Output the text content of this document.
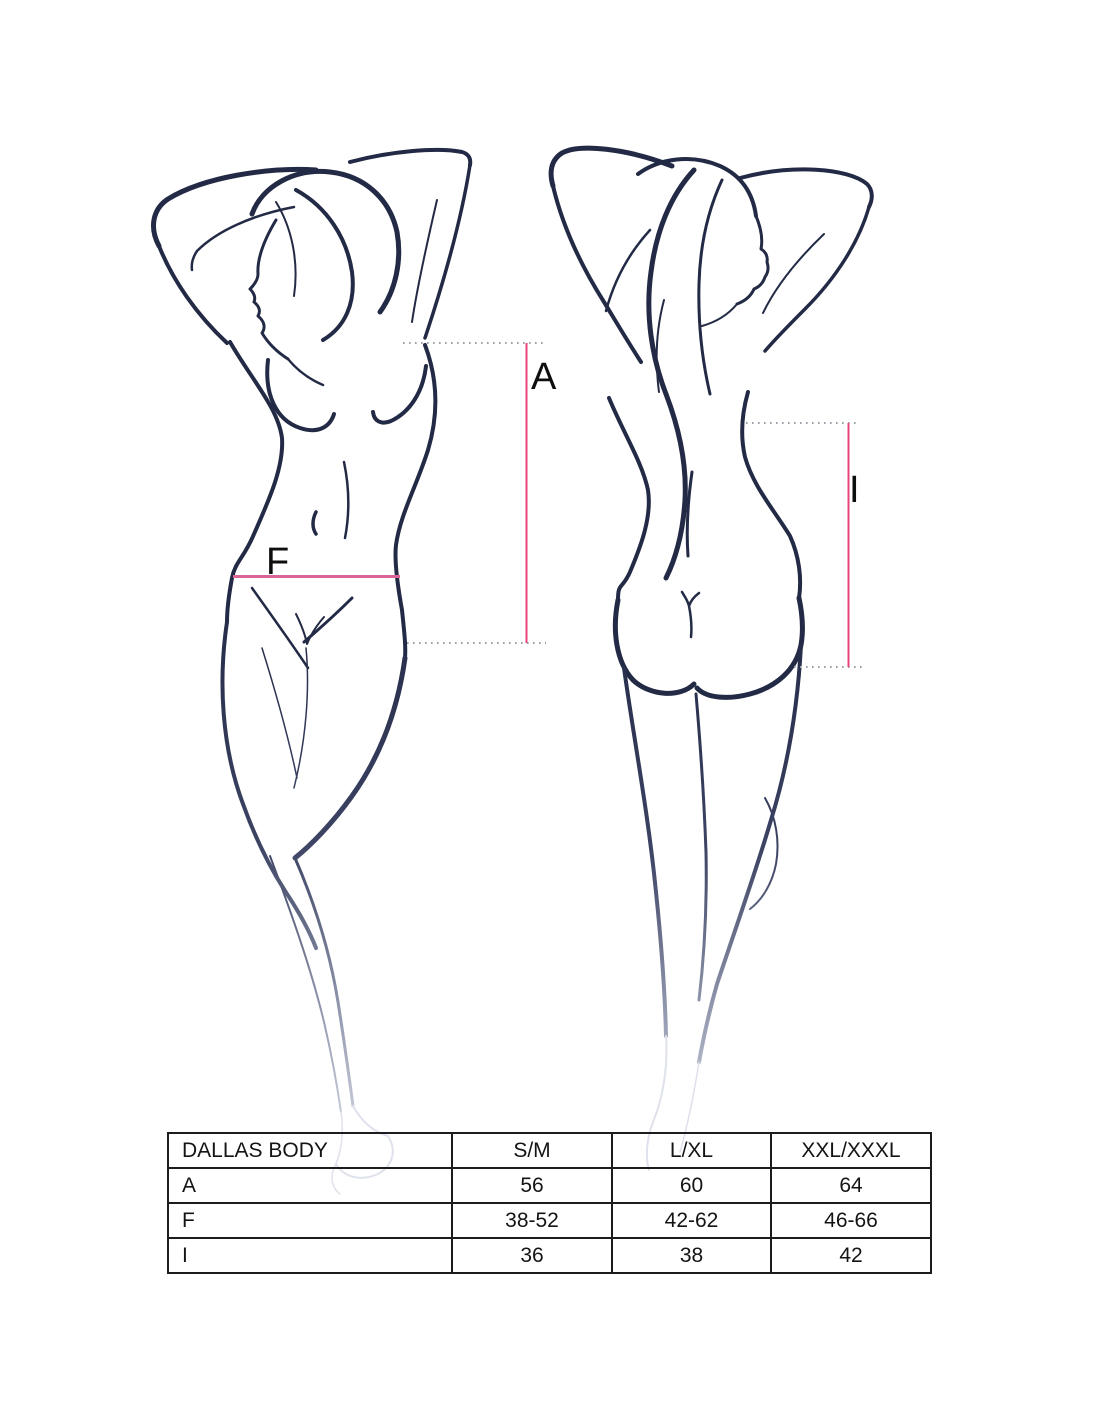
A
F
I
DALLAS BODY	S/M	L/XL	XXL/XXXL
A	56	60	64
F	38-52	42-62	46-66
I	36	38	42
